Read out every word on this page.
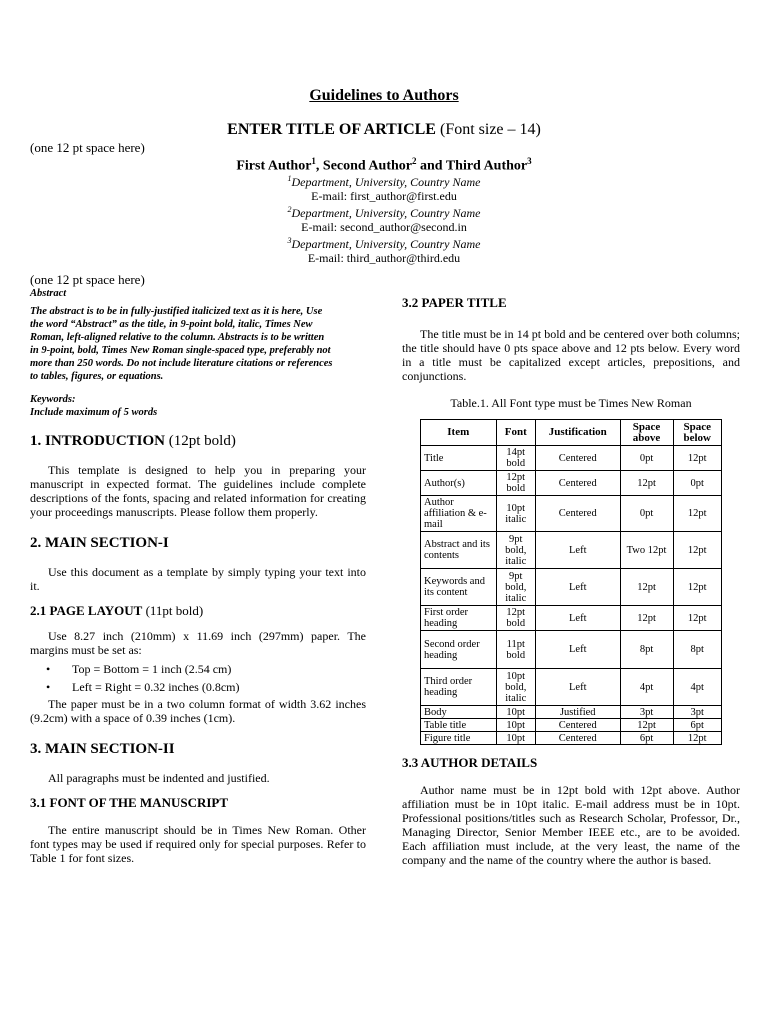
Guidelines to Authors
ENTER TITLE OF ARTICLE (Font size – 14)
(one 12 pt space here)
First Author$^1$, Second Author$^2$ and Third Author$^3$
$^1$Department, University, Country Name
E-mail: first_author@first.edu
$^2$Department, University, Country Name
E-mail: second_author@second.in
$^3$Department, University, Country Name
E-mail: third_author@third.edu
(one 12 pt space here)
Abstract
The abstract is to be in fully-justified italicized text as it is here, Use
the word “Abstract” as the title, in 9-point bold, italic, Times New
Roman, left-aligned relative to the column. Abstracts is to be written
in 9-point, bold, Times New Roman single-spaced type, preferably not
more than 250 words. Do not include literature citations or references
to tables, figures, or equations.
Keywords:
Include maximum of 5 words
1. INTRODUCTION (12pt bold)

This template is designed to help you in preparing your manuscript in expected format. The guidelines include complete descriptions of the fonts, spacing and related information for creating your proceedings manuscripts. Please follow them properly.

2. MAIN SECTION-I

Use this document as a template by simply typing your text into it.

2.1 PAGE LAYOUT (11pt bold)

Use 8.27 inch (210mm) x 11.69 inch (297mm) paper. The margins must be set as:

• Top = Bottom = 1 inch (2.54 cm)
• Left = Right = 0.32 inches (0.8cm)

The paper must be in a two column format of width 3.62 inches (9.2cm) with a space of 0.39 inches (1cm).

3. MAIN SECTION-II

All paragraphs must be indented and justified.

3.1 FONT OF THE MANUSCRIPT

The entire manuscript should be in Times New Roman. Other font types may be used if required only for special purposes. Refer to Table 1 for font sizes.

3.2 PAPER TITLE

The title must be in 14 pt bold and be centered over both columns; the title should have 0 pts space above and 12 pts below. Every word in a title must be capitalized except articles, prepositions, and conjunctions.

Table.1. All Font type must be Times New Roman
Item	Font	Justification	Space above	Space below
Title	14pt bold	Centered	0pt	12pt
Author(s)	12pt bold	Centered	12pt	0pt
Author affiliation & e-mail	10pt italic	Centered	0pt	12pt
Abstract and its contents	9pt bold, italic	Left	Two 12pt	12pt
Keywords and its content	9pt bold, italic	Left	12pt	12pt
First order heading	12pt bold	Left	12pt	12pt
Second order heading	11pt bold	Left	8pt	8pt
Third order heading	10pt bold, italic	Left	4pt	4pt
Body	10pt	Justified	3pt	3pt
Table title	10pt	Centered	12pt	6pt
Figure title	10pt	Centered	6pt	12pt
3.3 AUTHOR DETAILS

Author name must be in 12pt bold with 12pt above. Author affiliation must be in 10pt italic. E-mail address must be in 10pt. Professional positions/titles such as Research Scholar, Professor, Dr., Managing Director, Senior Member IEEE etc., are to be avoided. Each affiliation must include, at the very least, the name of the company and the name of the country where the author is based.
